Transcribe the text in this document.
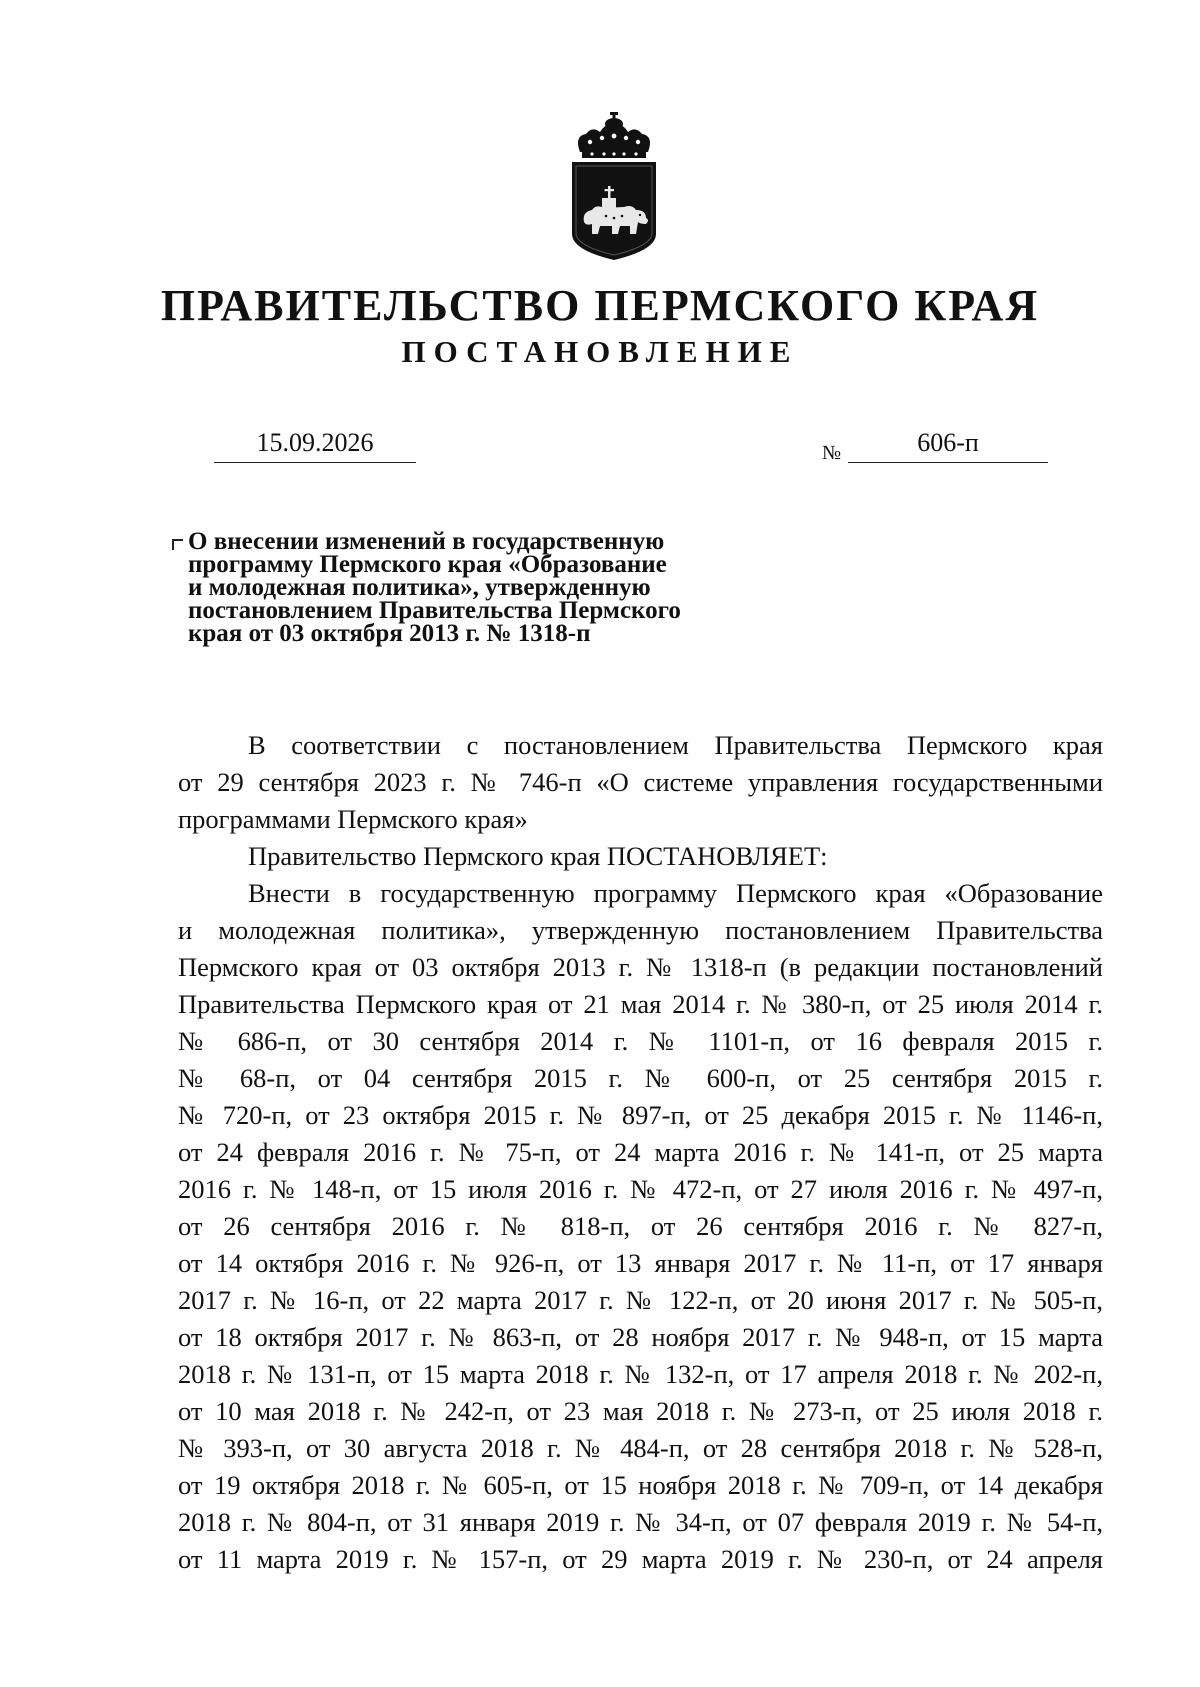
ПРАВИТЕЛЬСТВО ПЕРМСКОГО КРАЯ
ПОСТАНОВЛЕНИЕ
15.09.2026	№	606-п
О внесении изменений в государственную
программу Пермского края «Образование
и молодежная политика», утвержденную
постановлением Правительства Пермского
края от 03 октября 2013 г. № 1318-п
В соответствии с постановлением Правительства Пермского края
от 29 сентября 2023 г. № 746-п «О системе управления государственными
программами Пермского края»
Правительство Пермского края ПОСТАНОВЛЯЕТ:
Внести в государственную программу Пермского края «Образование
и молодежная политика», утвержденную постановлением Правительства
Пермского края от 03 октября 2013 г. № 1318-п (в редакции постановлений
Правительства Пермского края от 21 мая 2014 г. № 380-п, от 25 июля 2014 г.
№ 686-п, от 30 сентября 2014 г. № 1101-п, от 16 февраля 2015 г.
№ 68-п, от 04 сентября 2015 г. № 600-п, от 25 сентября 2015 г.
№ 720-п, от 23 октября 2015 г. № 897-п, от 25 декабря 2015 г. № 1146-п,
от 24 февраля 2016 г. № 75-п, от 24 марта 2016 г. № 141-п, от 25 марта
2016 г. № 148-п, от 15 июля 2016 г. № 472-п, от 27 июля 2016 г. № 497-п,
от 26 сентября 2016 г. № 818-п, от 26 сентября 2016 г. № 827-п,
от 14 октября 2016 г. № 926-п, от 13 января 2017 г. № 11-п, от 17 января
2017 г. № 16-п, от 22 марта 2017 г. № 122-п, от 20 июня 2017 г. № 505-п,
от 18 октября 2017 г. № 863-п, от 28 ноября 2017 г. № 948-п, от 15 марта
2018 г. № 131-п, от 15 марта 2018 г. № 132-п, от 17 апреля 2018 г. № 202-п,
от 10 мая 2018 г. № 242-п, от 23 мая 2018 г. № 273-п, от 25 июля 2018 г.
№ 393-п, от 30 августа 2018 г. № 484-п, от 28 сентября 2018 г. № 528-п,
от 19 октября 2018 г. № 605-п, от 15 ноября 2018 г. № 709-п, от 14 декабря
2018 г. № 804-п, от 31 января 2019 г. № 34-п, от 07 февраля 2019 г. № 54-п,
от 11 марта 2019 г. № 157-п, от 29 марта 2019 г. № 230-п, от 24 апреля
